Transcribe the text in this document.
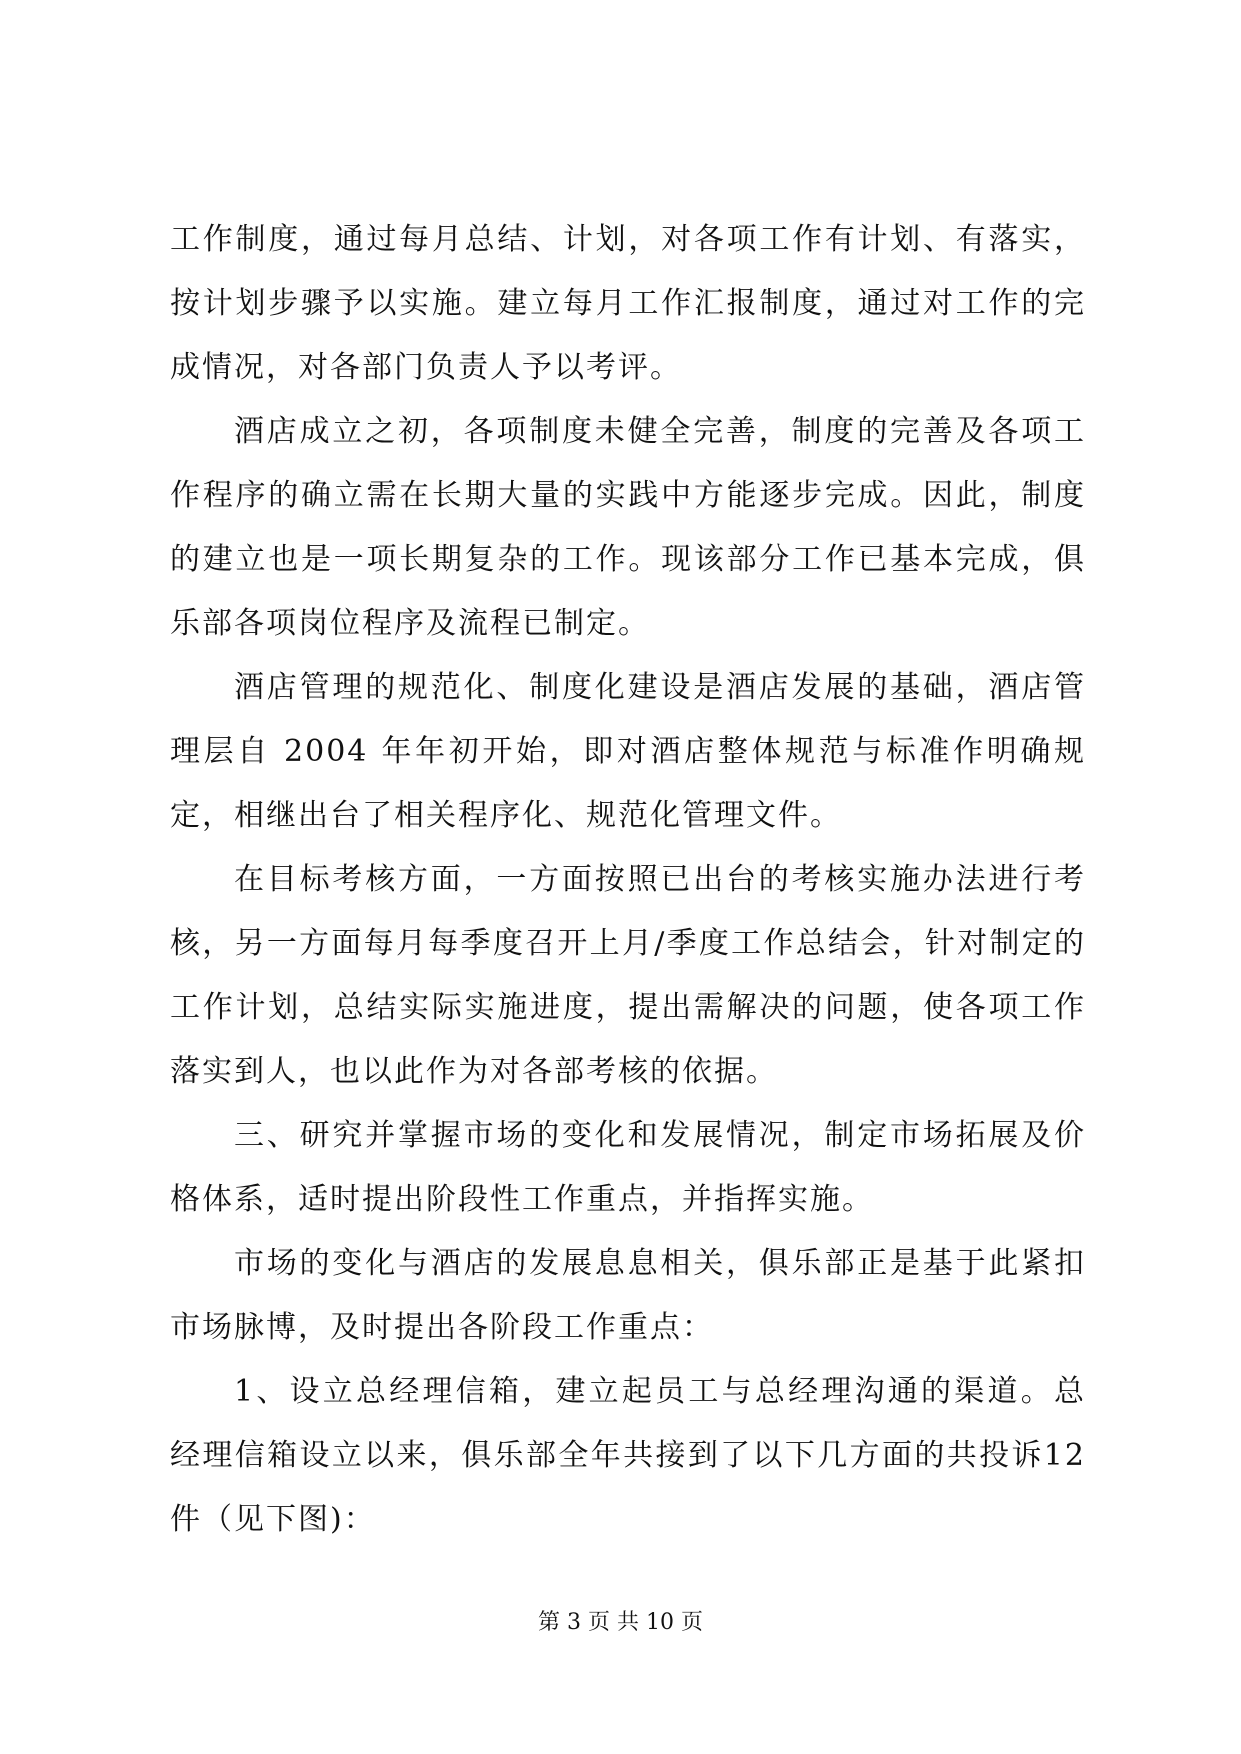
工作制度，通过每月总结、计划，对各项工作有计划、有落实，按计划步骤予以实施。建立每月工作汇报制度，通过对工作的完成情况，对各部门负责人予以考评。

酒店成立之初，各项制度未健全完善，制度的完善及各项工作程序的确立需在长期大量的实践中方能逐步完成。因此，制度的建立也是一项长期复杂的工作。现该部分工作已基本完成，俱乐部各项岗位程序及流程已制定。

酒店管理的规范化、制度化建设是酒店发展的基础，酒店管理层自 2004 年年初开始，即对酒店整体规范与标准作明确规定，相继出台了相关程序化、规范化管理文件。

在目标考核方面，一方面按照已出台的考核实施办法进行考核，另一方面每月每季度召开上月/季度工作总结会，针对制定的工作计划，总结实际实施进度，提出需解决的问题，使各项工作落实到人，也以此作为对各部考核的依据。

三、研究并掌握市场的变化和发展情况，制定市场拓展及价格体系，适时提出阶段性工作重点，并指挥实施。

市场的变化与酒店的发展息息相关，俱乐部正是基于此紧扣市场脉博，及时提出各阶段工作重点：

1、设立总经理信箱，建立起员工与总经理沟通的渠道。总经理信箱设立以来，俱乐部全年共接到了以下几方面的共投诉12件（见下图)：

第 3 页 共 10 页
